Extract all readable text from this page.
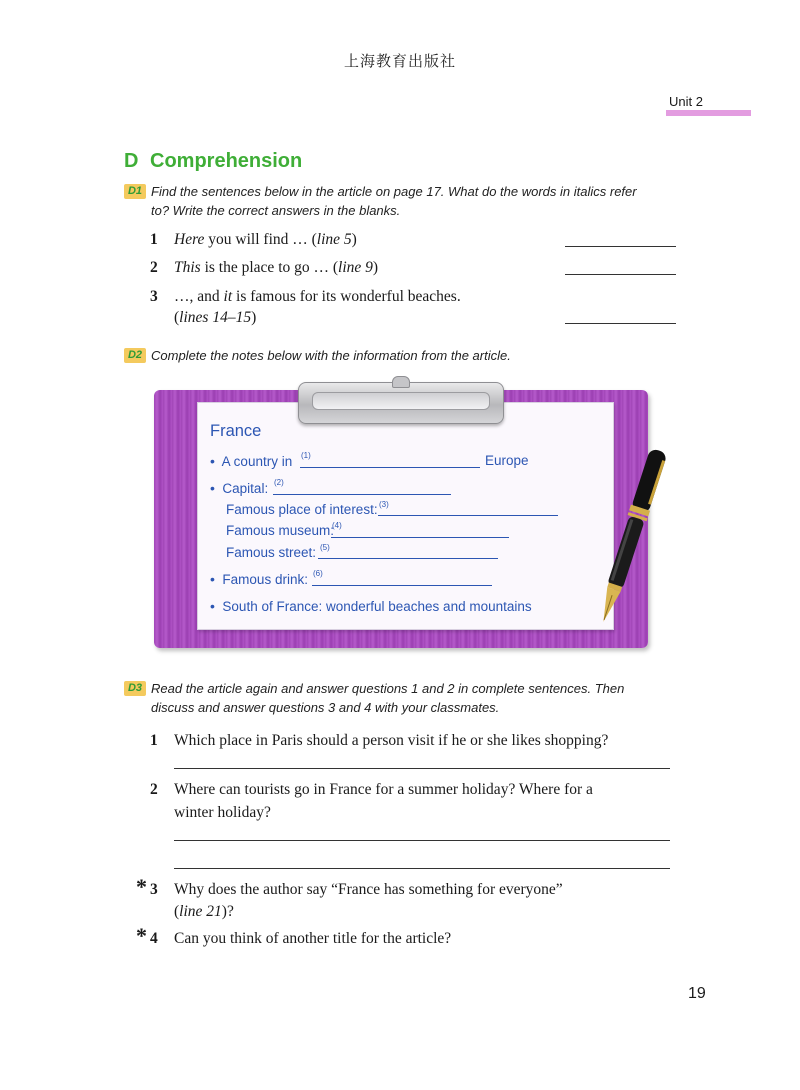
上海教育出版社
Unit 2
D Comprehension
D1 Find the sentences below in the article on page 17. What do the words in italics refer
to? Write the correct answers in the blanks.
1 Here you will find … (line 5)
2 This is the place to go … (line 9)
3 …, and it is famous for its wonderful beaches.
(lines 14–15)
D2 Complete the notes below with the information from the article.
France
• A country in (1)	Europe
• Capital: (2)
Famous place of interest: (3)
Famous museum:
(4)
Famous street: (5)
• Famous drink: (6)
• South of France: wonderful beaches and mountains
D3 Read the article again and answer questions 1 and 2 in complete sentences. Then
discuss and answer questions 3 and 4 with your classmates.
1 Which place in Paris should a person visit if he or she likes shopping?
2 Where can tourists go in France for a summer holiday? Where for a
winter holiday?
* 3 Why does the author say “France has something for everyone”
(line 21)?
* 4 Can you think of another title for the article?
19
